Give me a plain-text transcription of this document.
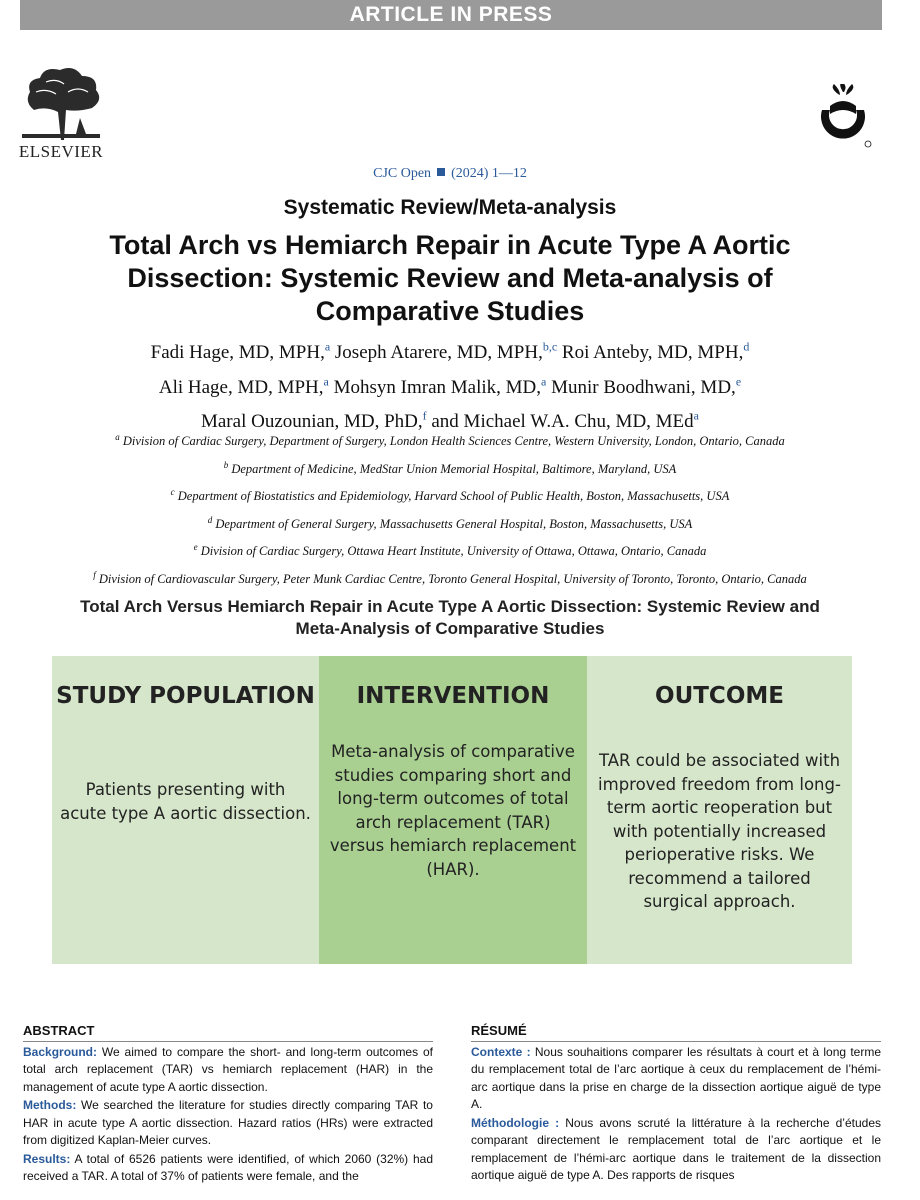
ARTICLE IN PRESS
ELSEVIER
CJC Open (2024) 1—12
Systematic Review/Meta-analysis
Total Arch vs Hemiarch Repair in Acute Type A Aortic Dissection: Systemic Review and Meta-analysis of Comparative Studies
Fadi Hage, MD, MPH,$^a$ Joseph Atarere, MD, MPH,$^{b,c}$ Roi Anteby, MD, MPH,$^d$
Ali Hage, MD, MPH,$^a$ Mohsyn Imran Malik, MD,$^a$ Munir Boodhwani, MD,$^e$
Maral Ouzounian, MD, PhD,$^f$ and Michael W.A. Chu, MD, MEd$^a$
$^a$ Division of Cardiac Surgery, Department of Surgery, London Health Sciences Centre, Western University, London, Ontario, Canada
$^b$ Department of Medicine, MedStar Union Memorial Hospital, Baltimore, Maryland, USA
$^c$ Department of Biostatistics and Epidemiology, Harvard School of Public Health, Boston, Massachusetts, USA
$^d$ Department of General Surgery, Massachusetts General Hospital, Boston, Massachusetts, USA
$^e$ Division of Cardiac Surgery, Ottawa Heart Institute, University of Ottawa, Ottawa, Ontario, Canada
$^f$ Division of Cardiovascular Surgery, Peter Munk Cardiac Centre, Toronto General Hospital, University of Toronto, Toronto, Ontario, Canada
Total Arch Versus Hemiarch Repair in Acute Type A Aortic Dissection: Systemic Review and Meta-Analysis of Comparative Studies
STUDY POPULATION
Patients presenting with acute type A aortic dissection.
INTERVENTION
Meta-analysis of comparative studies comparing short and long-term outcomes of total arch replacement (TAR) versus hemiarch replacement (HAR).
OUTCOME
TAR could be associated with improved freedom from long-term aortic reoperation but with potentially increased perioperative risks. We recommend a tailored surgical approach.
ABSTRACT

Background: We aimed to compare the short- and long-term outcomes of total arch replacement (TAR) vs hemiarch replacement (HAR) in the management of acute type A aortic dissection.

Methods: We searched the literature for studies directly comparing TAR to HAR in acute type A aortic dissection. Hazard ratios (HRs) were extracted from digitized Kaplan-Meier curves.

Results: A total of 6526 patients were identified, of which 2060 (32%) had received a TAR. A total of 37% of patients were female, and the

RÉSUMÉ

Contexte : Nous souhaitions comparer les résultats à court et à long terme du remplacement total de l’arc aortique à ceux du remplacement de l’hémi-arc aortique dans la prise en charge de la dissection aortique aiguë de type A.

Méthodologie : Nous avons scruté la littérature à la recherche d’études comparant directement le remplacement total de l’arc aortique et le remplacement de l’hémi-arc aortique dans le traitement de la dissection aortique aiguë de type A. Des rapports de risques
